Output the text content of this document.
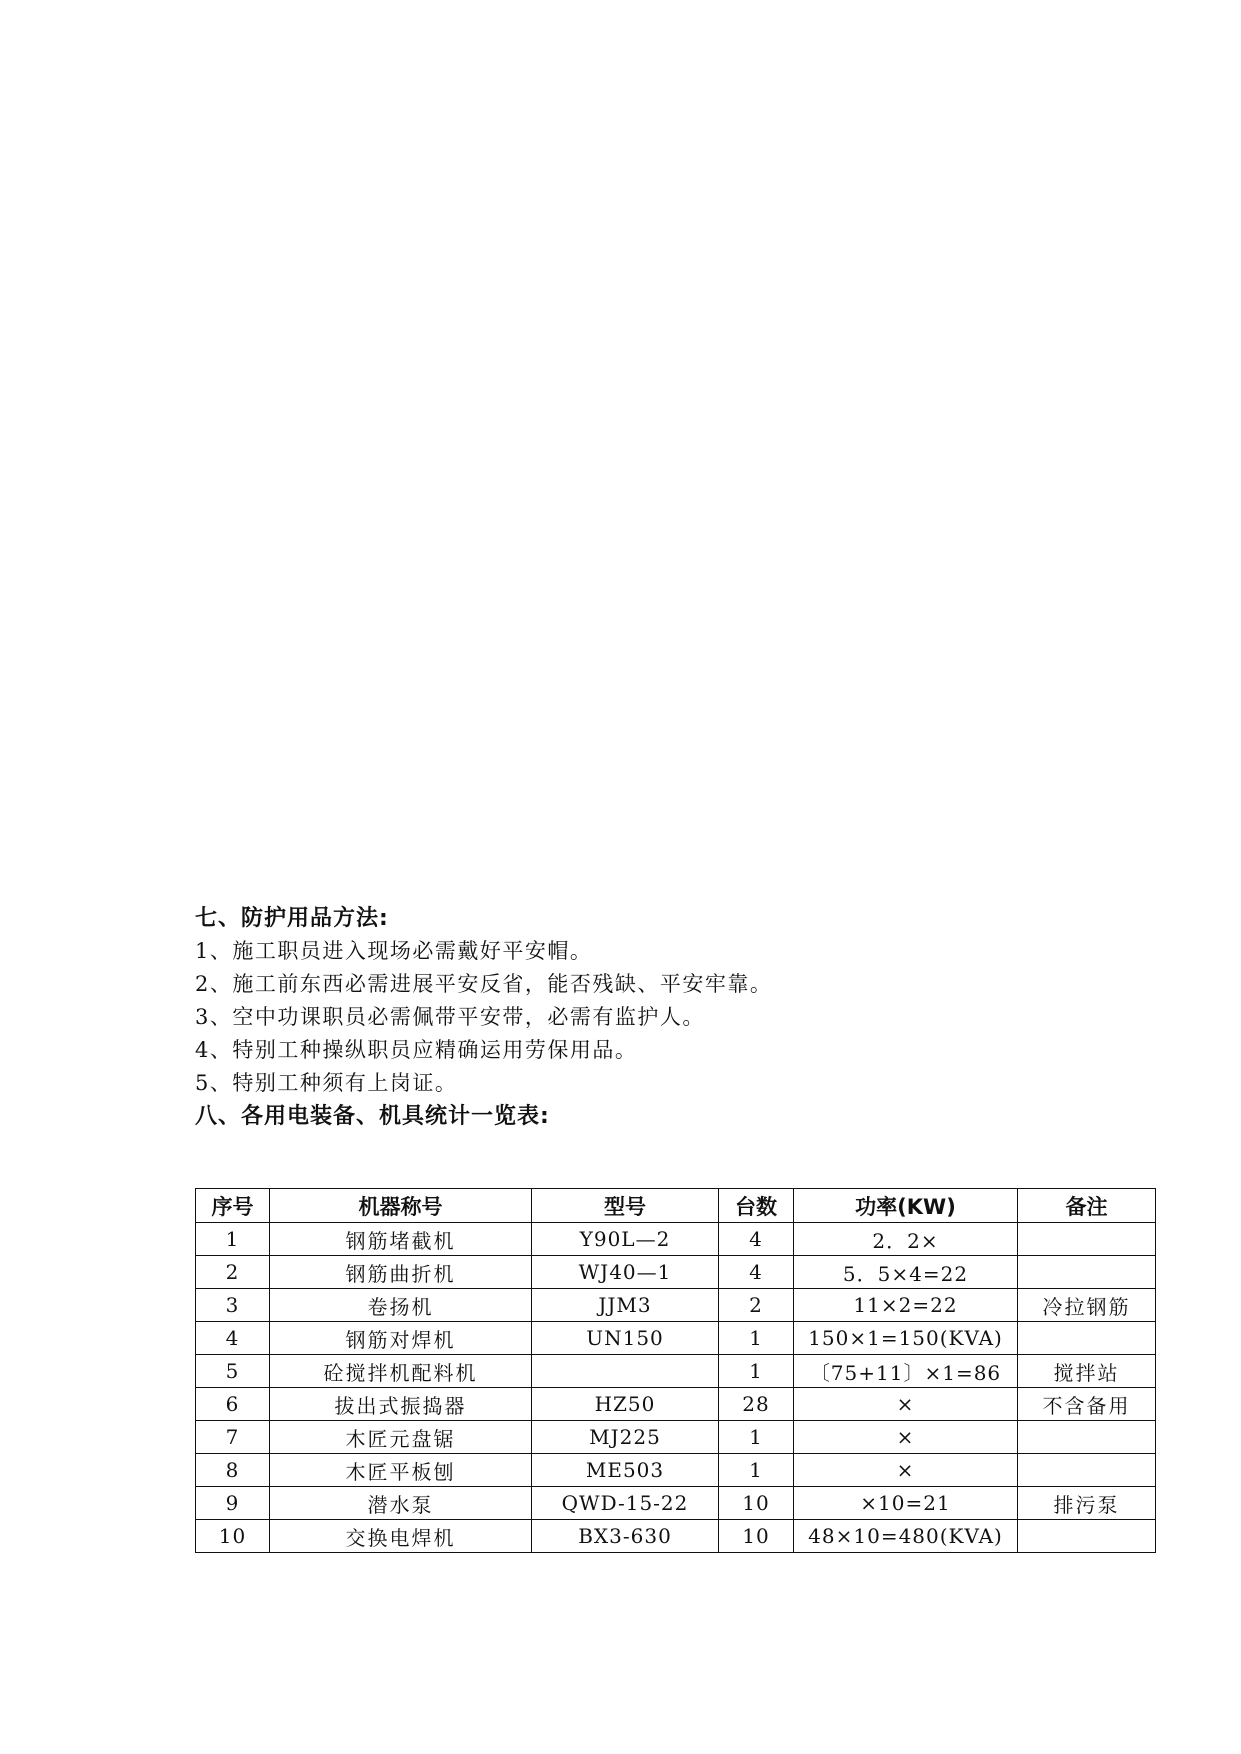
七、防护用品方法:

1、施工职员进入现场必需戴好平安帽。

2、施工前东西必需进展平安反省，能否残缺、平安牢靠。

3、空中功课职员必需佩带平安带，必需有监护人。

4、特别工种操纵职员应精确运用劳保用品。

5、特别工种须有上岗证。

八、各用电装备、机具统计一览表:

序号	机器称号	型号	台数	功率(KW)	备注
1	钢筋堵截机	Y90L—2	4	2．2×	
2	钢筋曲折机	WJ40—1	4	5．5×4=22	
3	卷扬机	JJM3	2	11×2=22	冷拉钢筋
4	钢筋对焊机	UN150	1	150×1=150(KVA)	
5	砼搅拌机配料机		1	〔75+11〕×1=86	搅拌站
6	拔出式振捣器	HZ50	28	×	不含备用
7	木匠元盘锯	MJ225	1	×	
8	木匠平板刨	ME503	1	×	
9	潜水泵	QWD-15-22	10	×10=21	排污泵
10	交换电焊机	BX3-630	10	48×10=480(KVA)	
